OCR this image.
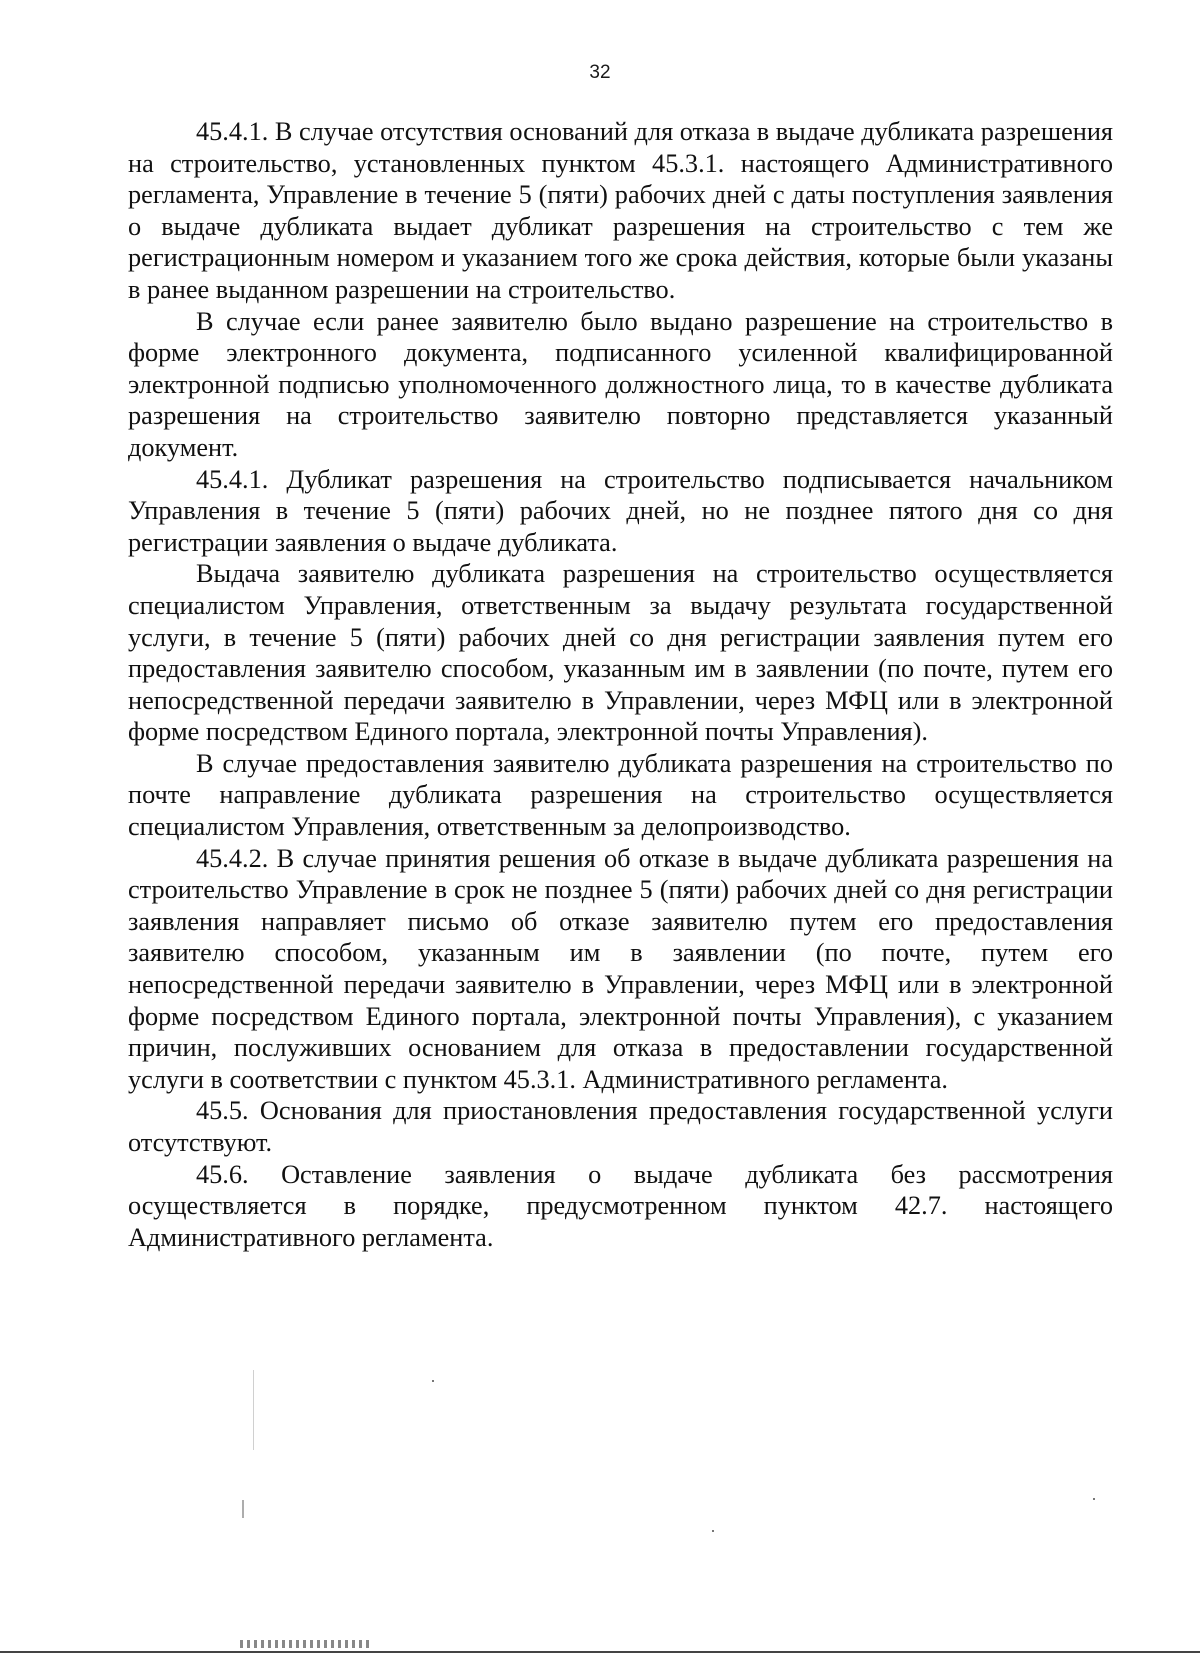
32

45.4.1. В случае отсутствия оснований для отказа в выдаче дубликата разрешения на строительство, установленных пунктом 45.3.1. настоящего Административного регламента, Управление в течение 5 (пяти) рабочих дней с даты поступления заявления о выдаче дубликата выдает дубликат разрешения на строительство с тем же регистрационным номером и указанием того же срока действия, которые были указаны в ранее выданном разрешении на строительство.

В случае если ранее заявителю было выдано разрешение на строительство в форме электронного документа, подписанного усиленной квалифицированной электронной подписью уполномоченного должностного лица, то в качестве дубликата разрешения на строительство заявителю повторно представляется указанный документ.

45.4.1. Дубликат разрешения на строительство подписывается начальником Управления в течение 5 (пяти) рабочих дней, но не позднее пятого дня со дня регистрации заявления о выдаче дубликата.

Выдача заявителю дубликата разрешения на строительство осуществляется специалистом Управления, ответственным за выдачу результата государственной услуги, в течение 5 (пяти) рабочих дней со дня регистрации заявления путем его предоставления заявителю способом, указанным им в заявлении (по почте, путем его непосредственной передачи заявителю в Управлении, через МФЦ или в электронной форме посредством Единого портала, электронной почты Управления).

В случае предоставления заявителю дубликата разрешения на строительство по почте направление дубликата разрешения на строительство осуществляется специалистом Управления, ответственным за делопроизводство.

45.4.2. В случае принятия решения об отказе в выдаче дубликата разрешения на строительство Управление в срок не позднее 5 (пяти) рабочих дней со дня регистрации заявления направляет письмо об отказе заявителю путем его предоставления заявителю способом, указанным им в заявлении (по почте, путем его непосредственной передачи заявителю в Управлении, через МФЦ или в электронной форме посредством Единого портала, электронной почты Управления), с указанием причин, послуживших основанием для отказа в предоставлении государственной услуги в соответствии с пунктом 45.3.1. Административного регламента.

45.5. Основания для приостановления предоставления государственной услуги отсутствуют.

45.6. Оставление заявления о выдаче дубликата без рассмотрения осуществляется в порядке, предусмотренном пунктом 42.7. настоящего Административного регламента.
